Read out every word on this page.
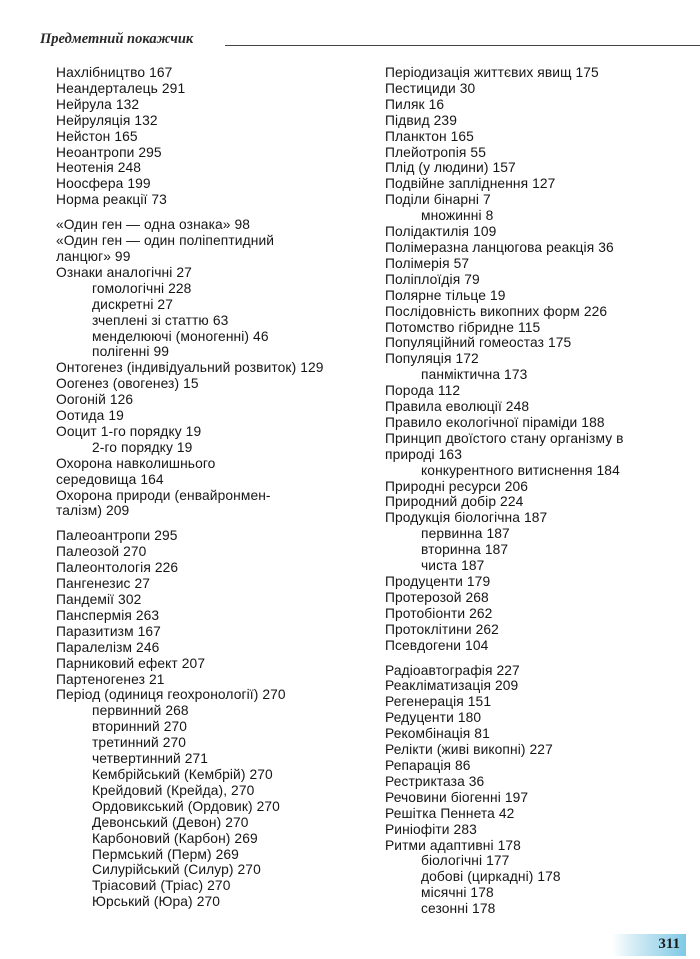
Предметний покажчик
Нахлібництво 167
Неандерталець 291
Нейрула 132
Нейруляція 132
Нейстон 165
Неоантропи 295
Неотенія 248
Ноосфера 199
Норма реакції 73
«Один ген — одна ознака» 98
«Один ген — один поліпептидний
ланцюг» 99
Ознаки аналогічні 27
гомологічні 228
дискретні 27
зчеплені зі статтю 63
менделюючі (моногенні) 46
полігенні 99
Онтогенез (індивідуальний розвиток) 129
Оогенез (овогенез) 15
Оогоній 126
Оотида 19
Ооцит 1-го порядку 19
2-го порядку 19
Охорона навколишнього
середовища 164
Охорона природи (енвайронмен-
талізм) 209
Палеоантропи 295
Палеозой 270
Палеонтологія 226
Пангенезис 27
Пандемії 302
Панспермія 263
Паразитизм 167
Паралелізм 246
Парниковий ефект 207
Партеногенез 21
Період (одиниця геохронології) 270
первинний 268
вторинний 270
третинний 270
четвертинний 271
Кембрійський (Кембрій) 270
Крейдовий (Крейда), 270
Ордовикський (Ордовик) 270
Девонський (Девон) 270
Карбоновий (Карбон) 269
Пермський (Перм) 269
Силурійський (Силур) 270
Тріасовий (Тріас) 270
Юрський (Юра) 270
Періодизація життєвих явищ 175
Пестициди 30
Пиляк 16
Підвид 239
Планктон 165
Плейотропія 55
Плід (у людини) 157
Подвійне запліднення 127
Поділи бінарні 7
множинні 8
Полідактилія 109
Полімеразна ланцюгова реакція 36
Полімерія 57
Поліплоїдія 79
Полярне тільце 19
Послідовність викопних форм 226
Потомство гібридне 115
Популяційний гомеостаз 175
Популяція 172
панміктична 173
Порода 112
Правила еволюції 248
Правило екологічної піраміди 188
Принцип двоїстого стану організму в
природі 163
конкурентного витиснення 184
Природні ресурси 206
Природний добір 224
Продукція біологічна 187
первинна 187
вторинна 187
чиста 187
Продуценти 179
Протерозой 268
Протобіонти 262
Протоклітини 262
Псевдогени 104
Радіоавтографія 227
Реакліматизація 209
Регенерація 151
Редуценти 180
Рекомбінація 81
Релікти (живі викопні) 227
Репарація 86
Рестриктаза 36
Речовини біогенні 197
Решітка Пеннета 42
Риніофіти 283
Ритми адаптивні 178
біологічні 177
добові (циркадні) 178
місячні 178
сезонні 178
311
